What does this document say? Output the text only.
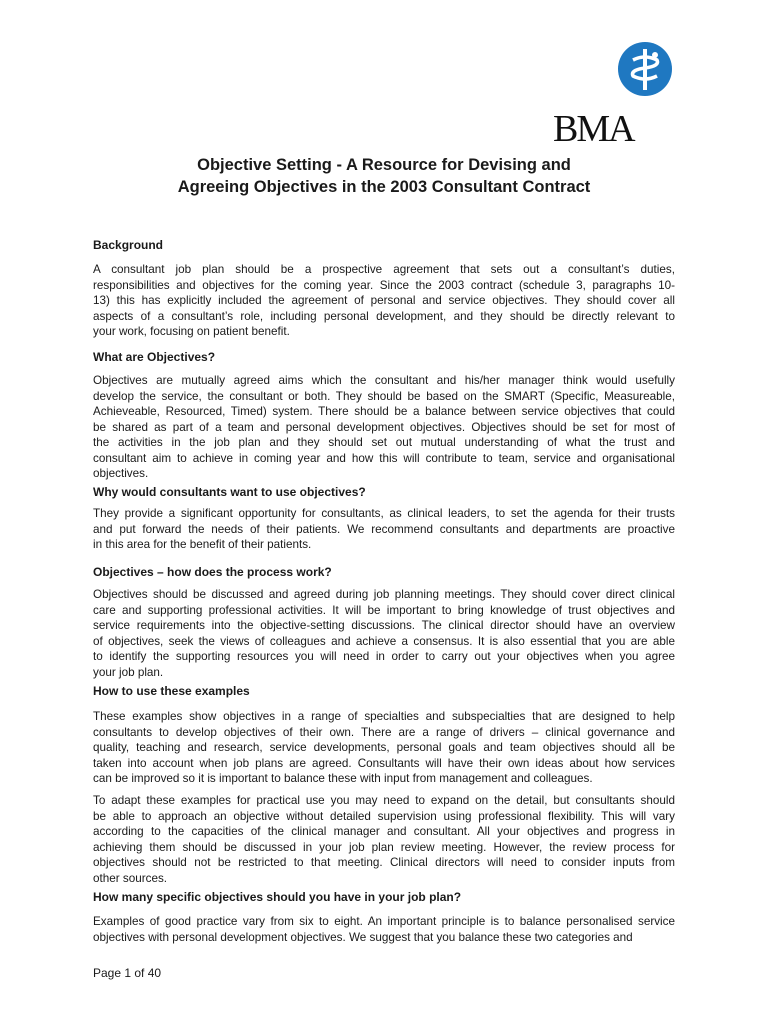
BMA
Objective Setting - A Resource for Devising and
Agreeing Objectives in the 2003 Consultant Contract
Background
A consultant job plan should be a prospective agreement that sets out a consultant’s duties,
responsibilities and objectives for the coming year. Since the 2003 contract (schedule 3, paragraphs 10-
13) this has explicitly included the agreement of personal and service objectives. They should cover all
aspects of a consultant’s role, including personal development, and they should be directly relevant to
your work, focusing on patient benefit.
What are Objectives?
Objectives are mutually agreed aims which the consultant and his/her manager think would usefully
develop the service, the consultant or both. They should be based on the SMART (Specific, Measureable,
Achieveable, Resourced, Timed) system. There should be a balance between service objectives that could
be shared as part of a team and personal development objectives. Objectives should be set for most of
the activities in the job plan and they should set out mutual understanding of what the trust and
consultant aim to achieve in coming year and how this will contribute to team, service and organisational
objectives.
Why would consultants want to use objectives?
They provide a significant opportunity for consultants, as clinical leaders, to set the agenda for their trusts
and put forward the needs of their patients. We recommend consultants and departments are proactive
in this area for the benefit of their patients.
Objectives – how does the process work?
Objectives should be discussed and agreed during job planning meetings. They should cover direct clinical
care and supporting professional activities. It will be important to bring knowledge of trust objectives and
service requirements into the objective-setting discussions. The clinical director should have an overview
of objectives, seek the views of colleagues and achieve a consensus. It is also essential that you are able
to identify the supporting resources you will need in order to carry out your objectives when you agree
your job plan.
How to use these examples
These examples show objectives in a range of specialties and subspecialties that are designed to help
consultants to develop objectives of their own. There are a range of drivers – clinical governance and
quality, teaching and research, service developments, personal goals and team objectives should all be
taken into account when job plans are agreed. Consultants will have their own ideas about how services
can be improved so it is important to balance these with input from management and colleagues.
To adapt these examples for practical use you may need to expand on the detail, but consultants should
be able to approach an objective without detailed supervision using professional flexibility. This will vary
according to the capacities of the clinical manager and consultant. All your objectives and progress in
achieving them should be discussed in your job plan review meeting. However, the review process for
objectives should not be restricted to that meeting. Clinical directors will need to consider inputs from
other sources.
How many specific objectives should you have in your job plan?
Examples of good practice vary from six to eight. An important principle is to balance personalised service
objectives with personal development objectives. We suggest that you balance these two categories and
Page 1 of 40
